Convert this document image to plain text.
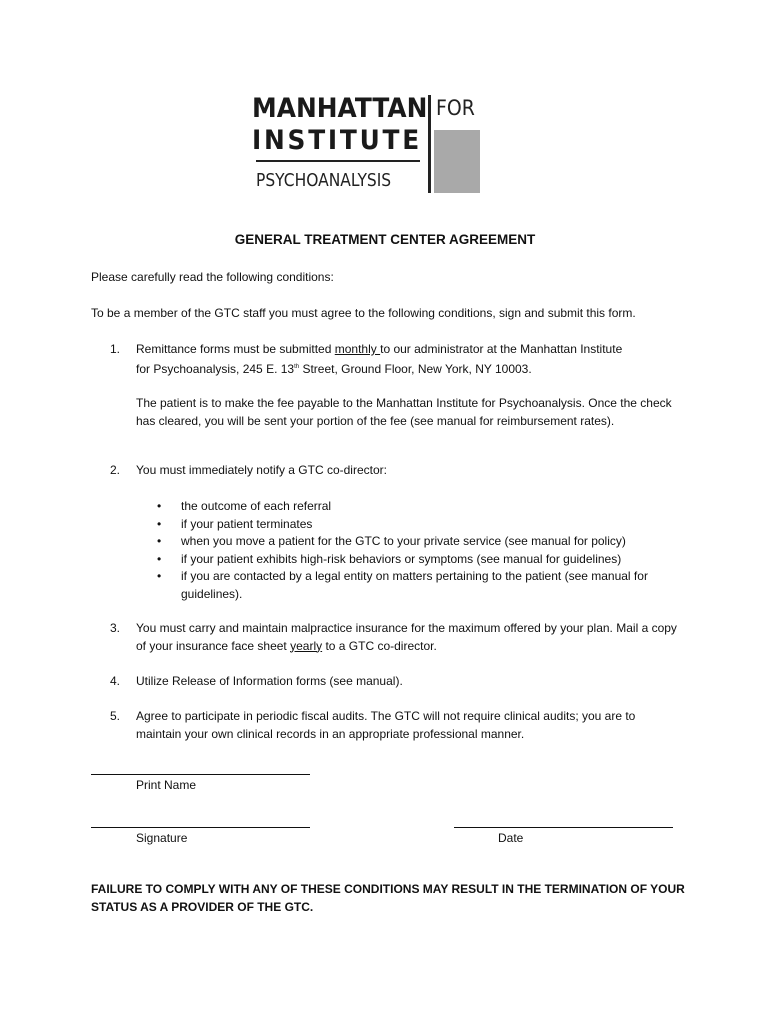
MANHATTAN
INSTITUTE
PSYCHOANALYSIS
FOR
GENERAL TREATMENT CENTER AGREEMENT

Please carefully read the following conditions:

To be a member of the GTC staff you must agree to the following conditions, sign and submit this form.

1. Remittance forms must be submitted monthly to our administrator at the Manhattan Institute
for Psychoanalysis, 245 E. 13th Street, Ground Floor, New York, NY 10003.
The patient is to make the fee payable to the Manhattan Institute for Psychoanalysis. Once the check has cleared, you will be sent your portion of the fee (see manual for reimbursement rates).
2. You must immediately notify a GTC co-director:
• the outcome of each referral
• if your patient terminates
• when you move a patient for the GTC to your private service (see manual for policy)
• if your patient exhibits high-risk behaviors or symptoms (see manual for guidelines)
• if you are contacted by a legal entity on matters pertaining to the patient (see manual for guidelines).
3. You must carry and maintain malpractice insurance for the maximum offered by your plan. Mail a copy of your insurance face sheet yearly to a GTC co-director.
4. Utilize Release of Information forms (see manual).
5. Agree to participate in periodic fiscal audits. The GTC will not require clinical audits; you are to maintain your own clinical records in an appropriate professional manner.
Print Name
Signature	Date
FAILURE TO COMPLY WITH ANY OF THESE CONDITIONS MAY RESULT IN THE TERMINATION OF YOUR STATUS AS A PROVIDER OF THE GTC.
